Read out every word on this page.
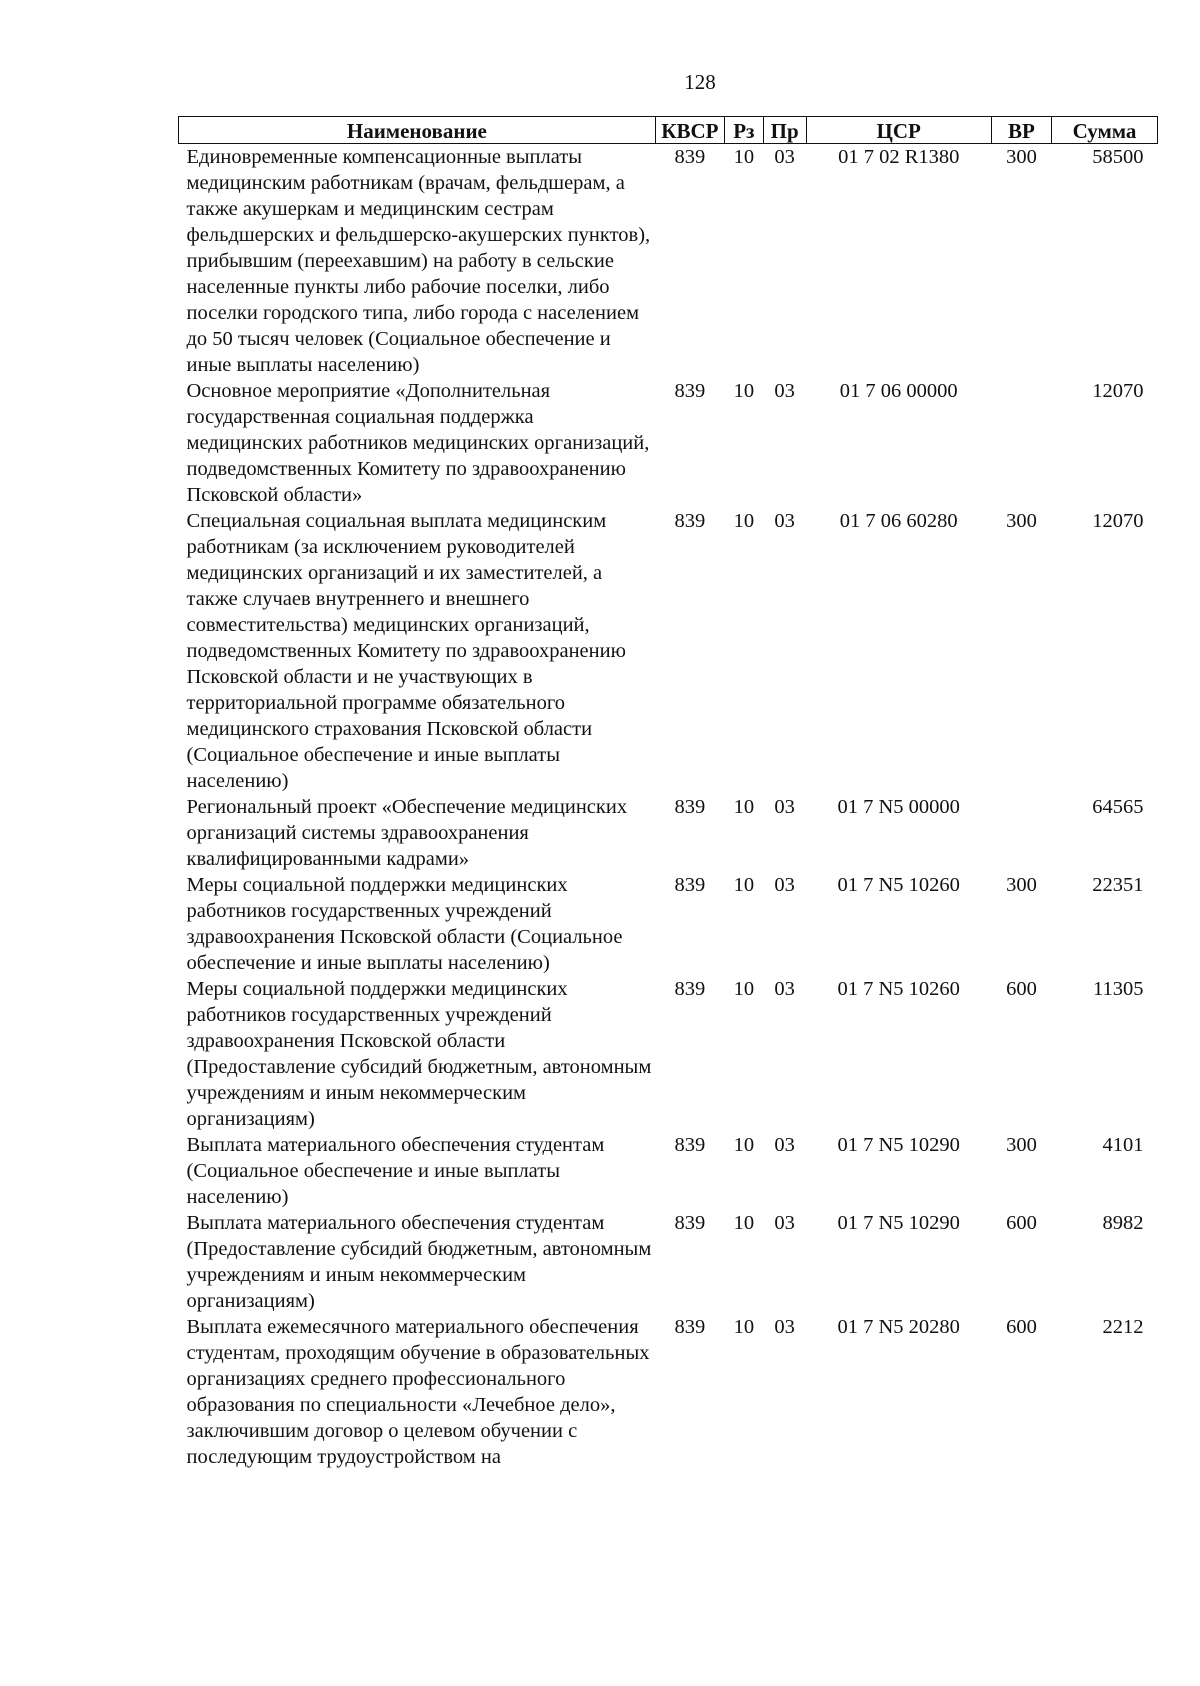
128
Наименование	КВСР	Рз	Пр	ЦСР	ВР	Сумма
Единовременные компенсационные выплаты медицинским работникам (врачам, фельдшерам, а также акушеркам и медицинским сестрам фельдшерских и фельдшерско-акушерских пунктов), прибывшим (переехавшим) на работу в сельские населенные пункты либо рабочие поселки, либо поселки городского типа, либо города с населением до 50 тысяч человек (Социальное обеспечение и иные выплаты населению)	839	10	03	01 7 02 R1380	300	58500
Основное мероприятие «Дополнительная государственная социальная поддержка медицинских работников медицинских организаций, подведомственных Комитету по здравоохранению Псковской области»	839	10	03	01 7 06 00000		12070
Специальная социальная выплата медицинским работникам (за исключением руководителей медицинских организаций и их заместителей, а также случаев внутреннего и внешнего совместительства) медицинских организаций, подведомственных Комитету по здравоохранению Псковской области и не участвующих в территориальной программе обязательного медицинского страхования Псковской области (Социальное обеспечение и иные выплаты населению)	839	10	03	01 7 06 60280	300	12070
Региональный проект «Обеспечение медицинских организаций системы здравоохранения квалифицированными кадрами»	839	10	03	01 7 N5 00000		64565
Меры социальной поддержки медицинских работников государственных учреждений здравоохранения Псковской области (Социальное обеспечение и иные выплаты населению)	839	10	03	01 7 N5 10260	300	22351
Меры социальной поддержки медицинских работников государственных учреждений здравоохранения Псковской области (Предоставление субсидий бюджетным, автономным учреждениям и иным некоммерческим организациям)	839	10	03	01 7 N5 10260	600	11305
Выплата материального обеспечения студентам (Социальное обеспечение и иные выплаты населению)	839	10	03	01 7 N5 10290	300	4101
Выплата материального обеспечения студентам (Предоставление субсидий бюджетным, автономным учреждениям и иным некоммерческим организациям)	839	10	03	01 7 N5 10290	600	8982
Выплата ежемесячного материального обеспечения студентам, проходящим обучение в образовательных организациях среднего профессионального образования по специальности «Лечебное дело», заключившим договор о целевом обучении с последующим трудоустройством на	839	10	03	01 7 N5 20280	600	2212
